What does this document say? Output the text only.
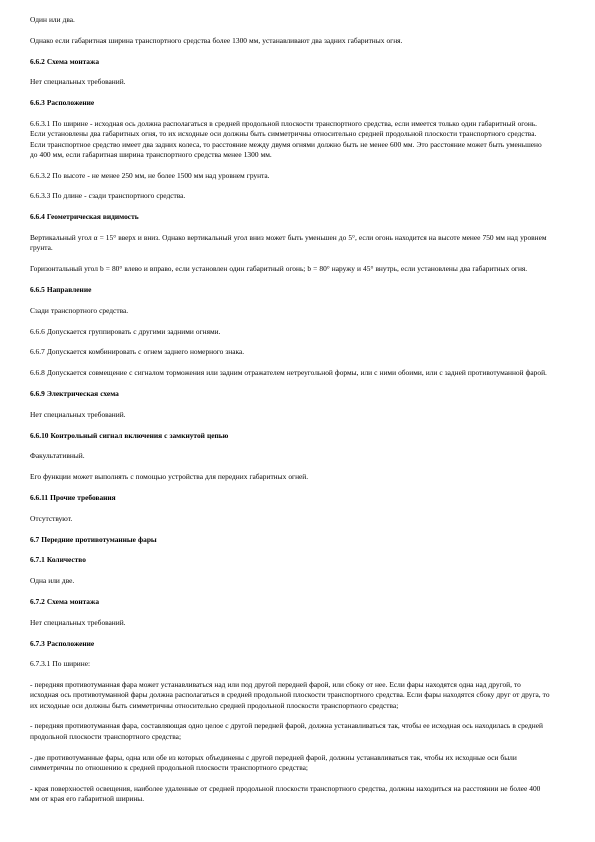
Один или два.

Однако если габаритная ширина транспортного средства более 1300 мм, устанавливают два задних габаритных огня.

6.6.2 Схема монтажа

Нет специальных требований.

6.6.3 Расположение

6.6.3.1 По ширине - исходная ось должна располагаться в средней продольной плоскости транспортного средства, если имеется только один габаритный огонь. Если установлены два габаритных огня, то их исходные оси должны быть симметричны относительно средней продольной плоскости транспортного средства. Если транспортное средство имеет два задних колеса, то расстояние между двумя огнями должно быть не менее 600 мм. Это расстояние может быть уменьшено до 400 мм, если габаритная ширина транспортного средства менее 1300 мм.

6.6.3.2 По высоте - не менее 250 мм, не более 1500 мм над уровнем грунта.

6.6.3.3 По длине - сзади транспортного средства.

6.6.4 Геометрическая видимость

Вертикальный угол α = 15° вверх и вниз. Однако вертикальный угол вниз может быть уменьшен до 5°, если огонь находится на высоте менее 750 мм над уровнем грунта.

Горизонтальный угол b = 80° влево и вправо, если установлен один габаритный огонь; b = 80° наружу и 45° внутрь, если установлены два габаритных огня.

6.6.5 Направление

Сзади транспортного средства.

6.6.6 Допускается группировать с другими задними огнями.

6.6.7 Допускается комбинировать с огнем заднего номерного знака.

6.6.8 Допускается совмещение с сигналом торможения или задним отражателем нетреугольной формы, или с ними обоими, или с задней противотуманной фарой.

6.6.9 Электрическая схема

Нет специальных требований.

6.6.10 Контрольный сигнал включения с замкнутой цепью

Факультативный.

Его функции может выполнять с помощью устройства для передних габаритных огней.

6.6.11 Прочие требования

Отсутствуют.

6.7 Передние противотуманные фары

6.7.1 Количество

Одна или две.

6.7.2 Схема монтажа

Нет специальных требований.

6.7.3 Расположение

6.7.3.1 По ширине:

- передняя противотуманная фара может устанавливаться над или под другой передней фарой, или сбоку от нее. Если фары находятся одна над другой, то исходная ось противотуманной фары должна располагаться в средней продольной плоскости транспортного средства. Если фары находятся сбоку друг от друга, то их исходные оси должны быть симметричны относительно средней продольной плоскости транспортного средства;

- передняя противотуманная фара, составляющая одно целое с другой передней фарой, должна устанавливаться так, чтобы ее исходная ось находилась в средней продольной плоскости транспортного средства;

- две противотуманные фары, одна или обе из которых объединены с другой передней фарой, должны устанавливаться так, чтобы их исходные оси были симметричны по отношению к средней продольной плоскости транспортного средства;

- края поверхностей освещения, наиболее удаленные от средней продольной плоскости транспортного средства, должны находиться на расстоянии не более 400 мм от края его габаритной ширины.
